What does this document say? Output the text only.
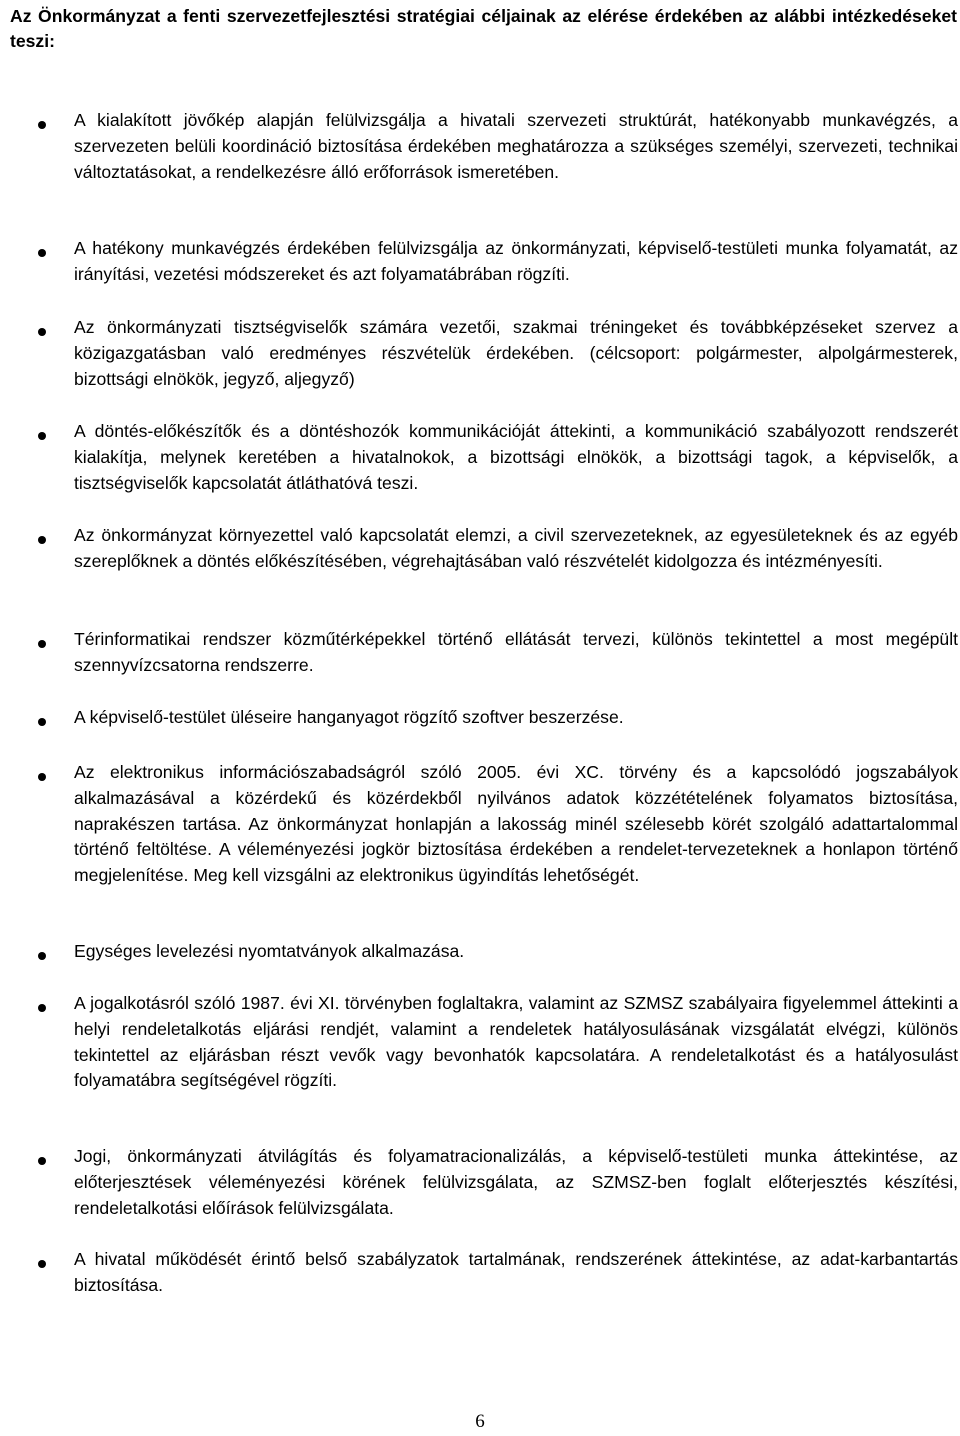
Az Önkormányzat a fenti szervezetfejlesztési stratégiai céljainak az elérése érdekében az alábbi intézkedéseket teszi:

A kialakított jövőkép alapján felülvizsgálja a hivatali szervezeti struktúrát, hatékonyabb munkavégzés, a szervezeten belüli koordináció biztosítása érdekében meghatározza a szükséges személyi, szervezeti, technikai változtatásokat, a rendelkezésre álló erőforrások ismeretében.

A hatékony munkavégzés érdekében felülvizsgálja az önkormányzati, képviselő-testületi munka folyamatát, az irányítási, vezetési módszereket és azt folyamatábrában rögzíti.

Az önkormányzati tisztségviselők számára vezetői, szakmai tréningeket és továbbképzéseket szervez a közigazgatásban való eredményes részvételük érdekében. (célcsoport: polgármester, alpolgármesterek, bizottsági elnökök, jegyző, aljegyző)

A döntés-előkészítők és a döntéshozók kommunikációját áttekinti, a kommunikáció szabályozott rendszerét kialakítja, melynek keretében a hivatalnokok, a bizottsági elnökök, a bizottsági tagok, a képviselők, a tisztségviselők kapcsolatát átláthatóvá teszi.

Az önkormányzat környezettel való kapcsolatát elemzi, a civil szervezeteknek, az egyesületeknek és az egyéb szereplőknek a döntés előkészítésében, végrehajtásában való részvételét kidolgozza és intézményesíti.

Térinformatikai rendszer közműtérképekkel történő ellátását tervezi, különös tekintettel a most megépült szennyvízcsatorna rendszerre.

A képviselő-testület üléseire hanganyagot rögzítő szoftver beszerzése.

Az elektronikus információszabadságról szóló 2005. évi XC. törvény és a kapcsolódó jogszabályok alkalmazásával a közérdekű és közérdekből nyilvános adatok közzétételének folyamatos biztosítása, naprakészen tartása. Az önkormányzat honlapján a lakosság minél szélesebb körét szolgáló adattartalommal történő feltöltése. A véleményezési jogkör biztosítása érdekében a rendelet-tervezeteknek a honlapon történő megjelenítése. Meg kell vizsgálni az elektronikus ügyindítás lehetőségét.

Egységes levelezési nyomtatványok alkalmazása.

A jogalkotásról szóló 1987. évi XI. törvényben foglaltakra, valamint az SZMSZ szabályaira figyelemmel áttekinti a helyi rendeletalkotás eljárási rendjét, valamint a rendeletek hatályosulásának vizsgálatát elvégzi, különös tekintettel az eljárásban részt vevők vagy bevonhatók kapcsolatára. A rendeletalkotást és a hatályosulást folyamatábra segítségével rögzíti.

Jogi, önkormányzati átvilágítás és folyamatracionalizálás, a képviselő-testületi munka áttekintése, az előterjesztések véleményezési körének felülvizsgálata, az SZMSZ-ben foglalt előterjesztés készítési, rendeletalkotási előírások felülvizsgálata.

A hivatal működését érintő belső szabályzatok tartalmának, rendszerének áttekintése, az adat-karbantartás biztosítása.

6
